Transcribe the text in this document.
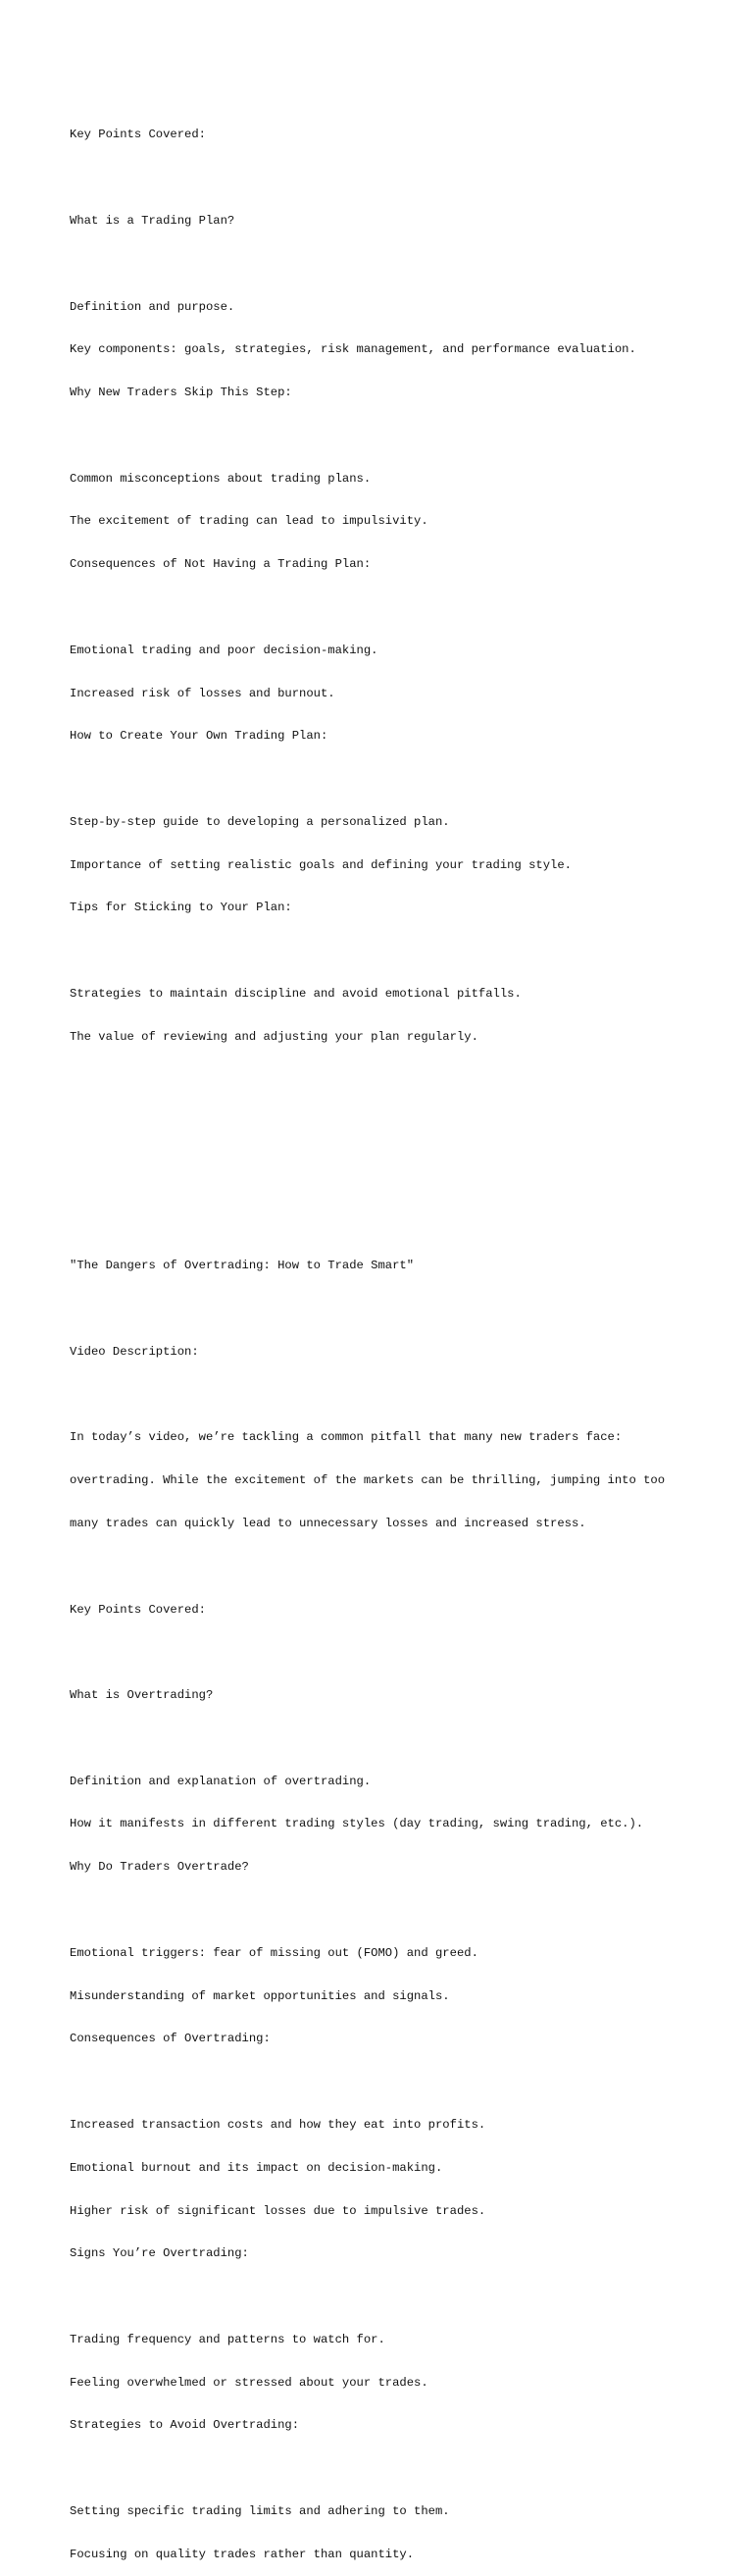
Key Points Covered:

What is a Trading Plan?

Definition and purpose.

Key components: goals, strategies, risk management, and performance evaluation.

Why New Traders Skip This Step:

Common misconceptions about trading plans.

The excitement of trading can lead to impulsivity.

Consequences of Not Having a Trading Plan:

Emotional trading and poor decision-making.

Increased risk of losses and burnout.

How to Create Your Own Trading Plan:

Step-by-step guide to developing a personalized plan.

Importance of setting realistic goals and defining your trading style.

Tips for Sticking to Your Plan:

Strategies to maintain discipline and avoid emotional pitfalls.

The value of reviewing and adjusting your plan regularly.

"The Dangers of Overtrading: How to Trade Smart"

Video Description:

In today’s video, we’re tackling a common pitfall that many new traders face:

overtrading. While the excitement of the markets can be thrilling, jumping into too

many trades can quickly lead to unnecessary losses and increased stress.

Key Points Covered:

What is Overtrading?

Definition and explanation of overtrading.

How it manifests in different trading styles (day trading, swing trading, etc.).

Why Do Traders Overtrade?

Emotional triggers: fear of missing out (FOMO) and greed.

Misunderstanding of market opportunities and signals.

Consequences of Overtrading:

Increased transaction costs and how they eat into profits.

Emotional burnout and its impact on decision-making.

Higher risk of significant losses due to impulsive trades.

Signs You’re Overtrading:

Trading frequency and patterns to watch for.

Feeling overwhelmed or stressed about your trades.

Strategies to Avoid Overtrading:

Setting specific trading limits and adhering to them.

Focusing on quality trades rather than quantity.
